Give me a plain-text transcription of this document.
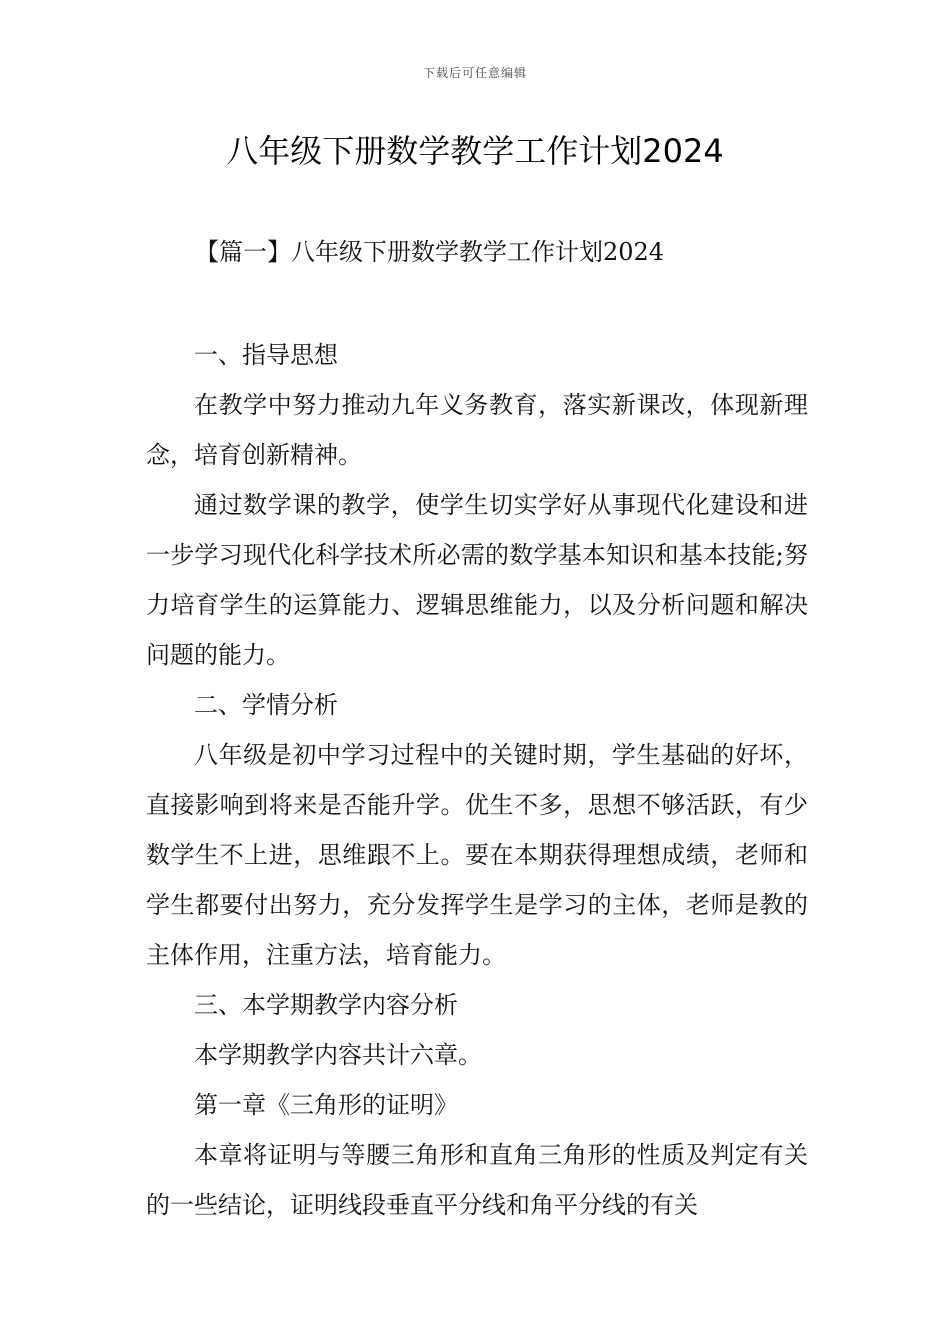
下载后可任意编辑
八年级下册数学教学工作计划2024

【篇一】八年级下册数学教学工作计划2024

一、指导思想

在教学中努力推动九年义务教育，落实新课改，体现新理念，培育创新精神。

通过数学课的教学，使学生切实学好从事现代化建设和进一步学习现代化科学技术所必需的数学基本知识和基本技能;努力培育学生的运算能力、逻辑思维能力，以及分析问题和解决问题的能力。

二、学情分析

八年级是初中学习过程中的关键时期，学生基础的好坏，直接影响到将来是否能升学。优生不多，思想不够活跃，有少数学生不上进，思维跟不上。要在本期获得理想成绩，老师和学生都要付出努力，充分发挥学生是学习的主体，老师是教的主体作用，注重方法，培育能力。

三、本学期教学内容分析

本学期教学内容共计六章。

第一章《三角形的证明》

本章将证明与等腰三角形和直角三角形的性质及判定有关的一些结论，证明线段垂直平分线和角平分线的有关
